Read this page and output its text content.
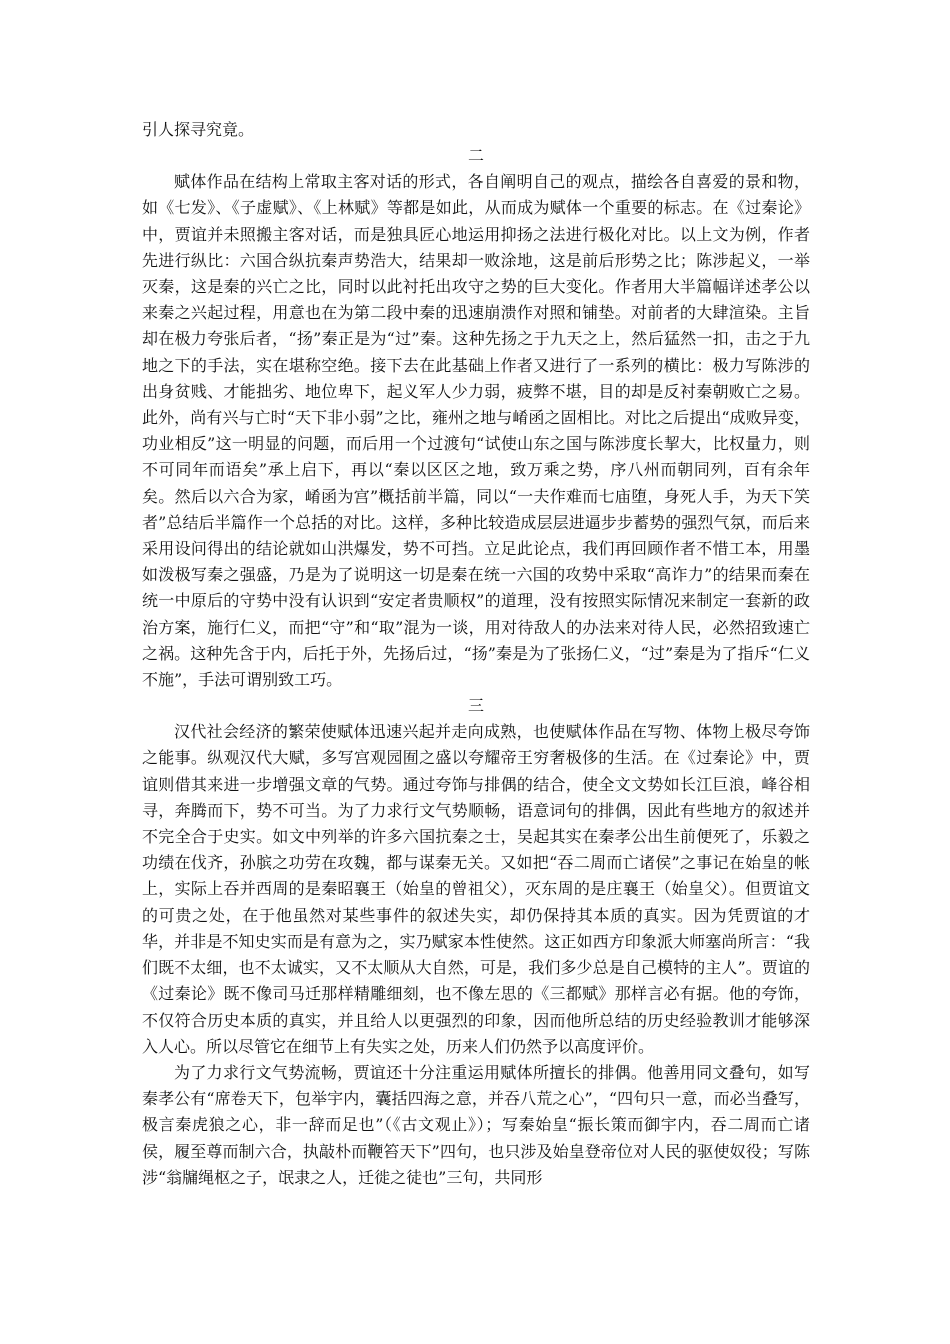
引人探寻究竟。

二

赋体作品在结构上常取主客对话的形式，各自阐明自己的观点，描绘各自喜爱的景和物，如《七发》、《子虚赋》、《上林赋》等都是如此，从而成为赋体一个重要的标志。在《过秦论》中，贾谊并未照搬主客对话，而是独具匠心地运用抑扬之法进行极化对比。以上文为例，作者先进行纵比：六国合纵抗秦声势浩大，结果却一败涂地，这是前后形势之比；陈涉起义，一举灭秦，这是秦的兴亡之比，同时以此衬托出攻守之势的巨大变化。作者用大半篇幅详述孝公以来秦之兴起过程，用意也在为第二段中秦的迅速崩溃作对照和铺垫。对前者的大肆渲染。主旨却在极力夸张后者，“扬”秦正是为“过”秦。这种先扬之于九天之上，然后猛然一扣，击之于九地之下的手法，实在堪称空绝。接下去在此基础上作者又进行了一系列的横比：极力写陈涉的出身贫贱、才能拙劣、地位卑下，起义军人少力弱，疲弊不堪，目的却是反衬秦朝败亡之易。此外，尚有兴与亡时“天下非小弱”之比，雍州之地与崤函之固相比。对比之后提出“成败异变，功业相反”这一明显的问题，而后用一个过渡句“试使山东之国与陈涉度长挈大，比权量力，则不可同年而语矣”承上启下，再以“秦以区区之地，致万乘之势，序八州而朝同列，百有余年矣。然后以六合为家，崤函为宫”概括前半篇，同以“一夫作难而七庙堕，身死人手，为天下笑者”总结后半篇作一个总括的对比。这样，多种比较造成层层进逼步步蓄势的强烈气氛，而后来采用设问得出的结论就如山洪爆发，势不可挡。立足此论点，我们再回顾作者不惜工本，用墨如泼极写秦之强盛，乃是为了说明这一切是秦在统一六国的攻势中采取“高诈力”的结果而秦在统一中原后的守势中没有认识到“安定者贵顺权”的道理，没有按照实际情况来制定一套新的政治方案，施行仁义，而把“守”和“取”混为一谈，用对待敌人的办法来对待人民，必然招致速亡之祸。这种先含于内，后托于外，先扬后过，“扬”秦是为了张扬仁义，“过”秦是为了指斥“仁义不施”，手法可谓别致工巧。

三

汉代社会经济的繁荣使赋体迅速兴起并走向成熟，也使赋体作品在写物、体物上极尽夸饰之能事。纵观汉代大赋，多写宫观园囿之盛以夸耀帝王穷奢极侈的生活。在《过秦论》中，贾谊则借其来进一步增强文章的气势。通过夸饰与排偶的结合，使全文文势如长江巨浪，峰谷相寻，奔腾而下，势不可当。为了力求行文气势顺畅，语意词句的排偶，因此有些地方的叙述并不完全合于史实。如文中列举的许多六国抗秦之士，吴起其实在秦孝公出生前便死了，乐毅之功绩在伐齐，孙膑之功劳在攻魏，都与谋秦无关。又如把“吞二周而亡诸侯”之事记在始皇的帐上，实际上吞并西周的是秦昭襄王（始皇的曾祖父），灭东周的是庄襄王（始皇父）。但贾谊文的可贵之处，在于他虽然对某些事件的叙述失实，却仍保持其本质的真实。因为凭贾谊的才华，并非是不知史实而是有意为之，实乃赋家本性使然。这正如西方印象派大师塞尚所言：“我们既不太细，也不太诚实，又不太顺从大自然，可是，我们多少总是自己模特的主人”。贾谊的《过秦论》既不像司马迁那样精雕细刻，也不像左思的《三都赋》那样言必有据。他的夸饰，不仅符合历史本质的真实，并且给人以更强烈的印象，因而他所总结的历史经验教训才能够深入人心。所以尽管它在细节上有失实之处，历来人们仍然予以高度评价。

为了力求行文气势流畅，贾谊还十分注重运用赋体所擅长的排偶。他善用同文叠句，如写秦孝公有“席卷天下，包举宇内，囊括四海之意，并吞八荒之心”，“四句只一意，而必当叠写，极言秦虎狼之心，非一辞而足也”（《古文观止》）；写秦始皇“振长策而御宇内，吞二周而亡诸侯，履至尊而制六合，执敲朴而鞭笞天下”四句，也只涉及始皇登帝位对人民的驱使奴役；写陈涉“翁牖绳枢之子，氓隶之人，迁徙之徒也”三句，共同形
